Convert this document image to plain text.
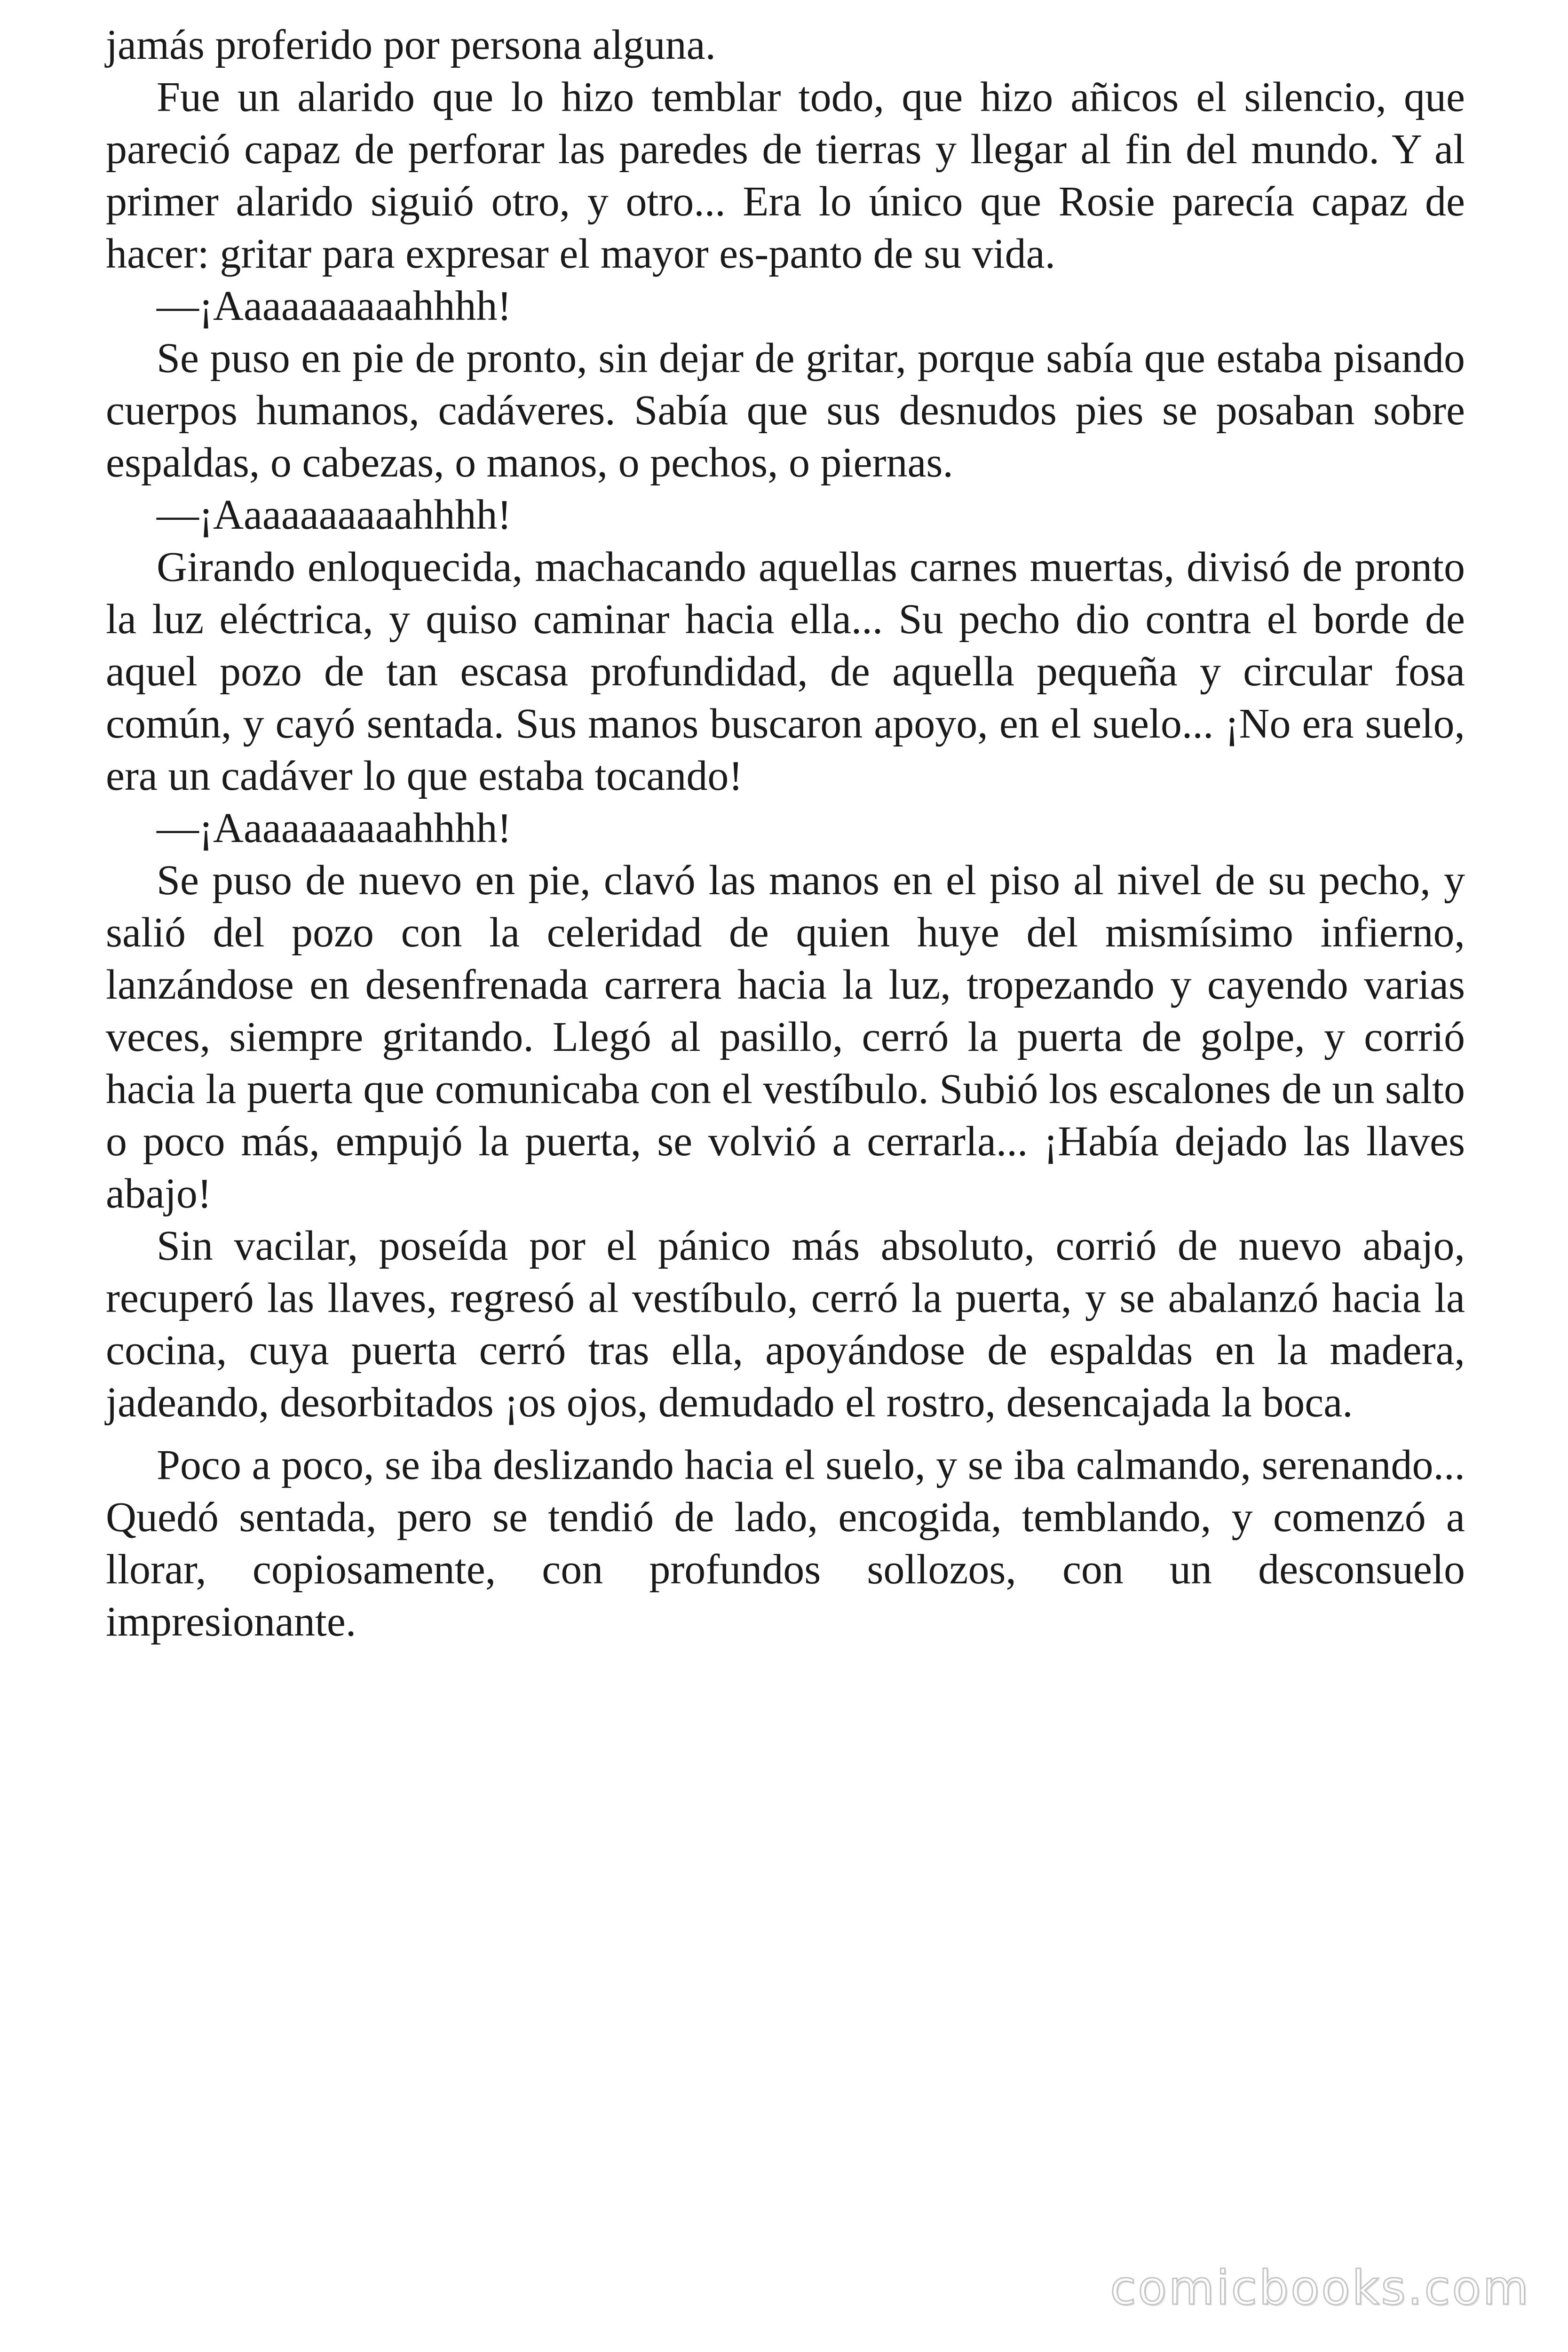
jamás proferido por persona alguna.

Fue un alarido que lo hizo temblar todo, que hizo añicos el silencio, que pareció capaz de perforar las paredes de tierras y llegar al fin del mundo. Y al primer alarido siguió otro, y otro... Era lo único que Rosie parecía capaz de hacer: gritar para expresar el mayor es-panto de su vida.

—¡Aaaaaaaaaahhhh!

Se puso en pie de pronto, sin dejar de gritar, porque sabía que estaba pisando cuerpos humanos, cadáveres. Sabía que sus desnudos pies se posaban sobre espaldas, o cabezas, o manos, o pechos, o piernas.

—¡Aaaaaaaaaahhhh!

Girando enloquecida, machacando aquellas carnes muertas, divisó de pronto la luz eléctrica, y quiso caminar hacia ella... Su pecho dio contra el borde de aquel pozo de tan escasa profundidad, de aquella pequeña y circular fosa común, y cayó sentada. Sus manos buscaron apoyo, en el suelo... ¡No era suelo, era un cadáver lo que estaba tocando!

—¡Aaaaaaaaaahhhh!

Se puso de nuevo en pie, clavó las manos en el piso al nivel de su pecho, y salió del pozo con la celeridad de quien huye del mismísimo infierno, lanzándose en desenfrenada carrera hacia la luz, tropezando y cayendo varias veces, siempre gritando. Llegó al pasillo, cerró la puerta de golpe, y corrió hacia la puerta que comunicaba con el vestíbulo. Subió los escalones de un salto o poco más, empujó la puerta, se volvió a cerrarla... ¡Había dejado las llaves abajo!

Sin vacilar, poseída por el pánico más absoluto, corrió de nuevo abajo, recuperó las llaves, regresó al vestíbulo, cerró la puerta, y se abalanzó hacia la cocina, cuya puerta cerró tras ella, apoyándose de espaldas en la madera, jadeando, desorbitados ¡os ojos, demudado el rostro, desencajada la boca.

Poco a poco, se iba deslizando hacia el suelo, y se iba calmando, serenando... Quedó sentada, pero se tendió de lado, encogida, temblando, y comenzó a llorar, copiosamente, con profundos sollozos, con un desconsuelo impresionante.

comicbooks.com
